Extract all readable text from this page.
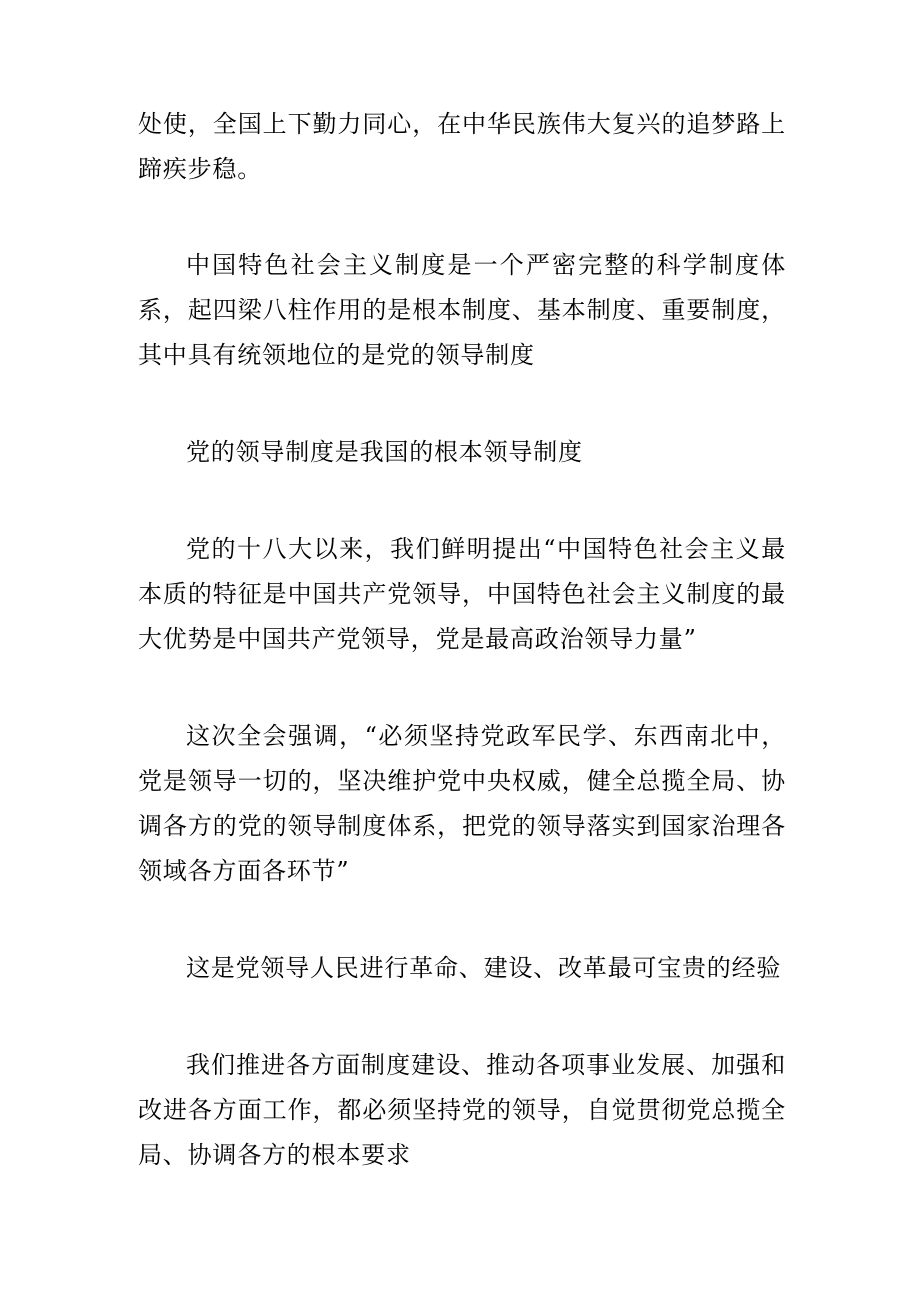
处使，全国上下勤力同心，在中华民族伟大复兴的追梦路上蹄疾步稳。

中国特色社会主义制度是一个严密完整的科学制度体系，起四梁八柱作用的是根本制度、基本制度、重要制度，其中具有统领地位的是党的领导制度

党的领导制度是我国的根本领导制度

党的十八大以来，我们鲜明提出“中国特色社会主义最本质的特征是中国共产党领导，中国特色社会主义制度的最大优势是中国共产党领导，党是最高政治领导力量”

这次全会强调，“必须坚持党政军民学、东西南北中，党是领导一切的，坚决维护党中央权威，健全总揽全局、协调各方的党的领导制度体系，把党的领导落实到国家治理各领域各方面各环节”

这是党领导人民进行革命、建设、改革最可宝贵的经验

我们推进各方面制度建设、推动各项事业发展、加强和改进各方面工作，都必须坚持党的领导，自觉贯彻党总揽全局、协调各方的根本要求
